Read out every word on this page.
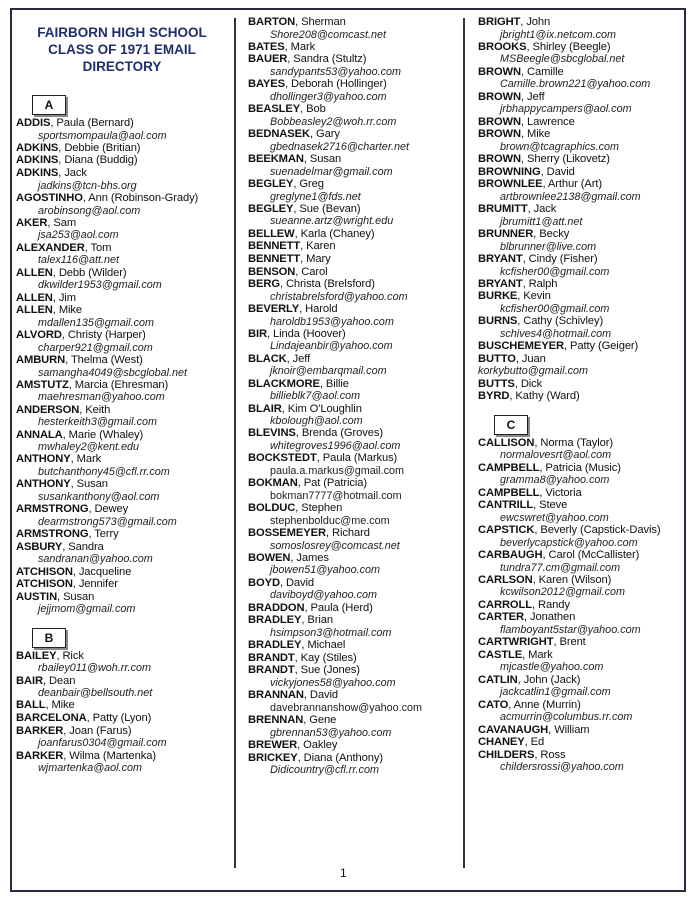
FAIRBORN HIGH SCHOOL
CLASS OF 1971 EMAIL
DIRECTORY
A
ADDIS, Paula (Bernard)
sportsmompaula@aol.com
ADKINS, Debbie (Britian)
ADKINS, Diana (Buddig)
ADKINS, Jack
jadkins@tcn-bhs.org
AGOSTINHO, Ann (Robinson-Grady)
arobinsong@aol.com
AKER, Sam
jsa253@aol.com
ALEXANDER, Tom
talex116@att.net
ALLEN, Debb (Wilder)
dkwilder1953@gmail.com
ALLEN, Jim
ALLEN, Mike
mdallen135@gmail.com
ALVORD, Christy (Harper)
charper921@gmail.com
AMBURN, Thelma (West)
samangha4049@sbcglobal.net
AMSTUTZ, Marcia (Ehresman)
maehresman@yahoo.com
ANDERSON, Keith
hesterkeith3@gmail.com
ANNALA, Marie (Whaley)
mwhaley2@kent.edu
ANTHONY, Mark
butchanthony45@cfl.rr.com
ANTHONY, Susan
susankanthony@aol.com
ARMSTRONG, Dewey
dearmstrong573@gmail.com
ARMSTRONG, Terry
ASBURY, Sandra
sandranan@yahoo.com
ATCHISON, Jacqueline
ATCHISON, Jennifer
AUSTIN, Susan
jejjmom@gmail.com
B
BAILEY, Rick
rbailey011@woh.rr.com
BAIR, Dean
deanbair@bellsouth.net
BALL, Mike
BARCELONA, Patty (Lyon)
BARKER, Joan (Farus)
joanfarus0304@gmail.com
BARKER, Wilma (Martenka)
wjmartenka@aol.com
BARTON, Sherman
Shore208@comcast.net
BATES, Mark
BAUER, Sandra (Stultz)
sandypants53@yahoo.com
BAYES, Deborah (Hollinger)
dhollinger3@yahoo.com
BEASLEY, Bob
Bobbeasley2@woh.rr.com
BEDNASEK, Gary
gbednasek2716@charter.net
BEEKMAN, Susan
suenadelmar@gmail.com
BEGLEY, Greg
greglyne1@fds.net
BEGLEY, Sue (Bevan)
sueanne.artz@wright.edu
BELLEW, Karla (Chaney)
BENNETT, Karen
BENNETT, Mary
BENSON, Carol
BERG, Christa (Brelsford)
christabrelsford@yahoo.com
BEVERLY, Harold
haroldb1953@yahoo.com
BIR, Linda (Hoover)
Lindajeanbir@yahoo.com
BLACK, Jeff
jknoir@embarqmail.com
BLACKMORE, Billie
billieblk7@aol.com
BLAIR, Kim O'Loughlin
kbolough@aol.com
BLEVINS, Brenda (Groves)
whitegroves1996@aol.com
BOCKSTEDT, Paula (Markus)
paula.a.markus@gmail.com
BOKMAN, Pat (Patricia)
bokman7777@hotmail.com
BOLDUC, Stephen
stephenbolduc@me.com
BOSSEMEYER, Richard
somoslosrey@comcast.net
BOWEN, James
jbowen51@yahoo.com
BOYD, David
daviboyd@yahoo.com
BRADDON, Paula (Herd)
BRADLEY, Brian
hsimpson3@hotmail.com
BRADLEY, Michael
BRANDT, Kay (Stiles)
BRANDT, Sue (Jones)
vickyjones58@yahoo.com
BRANNAN, David
davebrannanshow@yahoo.com
BRENNAN, Gene
gbrennan53@yahoo.com
BREWER, Oakley
BRICKEY, Diana (Anthony)
Didicountry@cfl.rr.com
BRIGHT, John
jbright1@ix.netcom.com
BROOKS, Shirley (Beegle)
MSBeegle@sbcglobal.net
BROWN, Camille
Camille.brown221@yahoo.com
BROWN, Jeff
jrbhappycampers@aol.com
BROWN, Lawrence
BROWN, Mike
brown@tcagraphics.com
BROWN, Sherry (Likovetz)
BROWNING, David
BROWNLEE, Arthur (Art)
artbrownlee2138@gmail.com
BRUMITT, Jack
jbrumitt1@att.net
BRUNNER, Becky
blbrunner@live.com
BRYANT, Cindy (Fisher)
kcfisher00@gmail.com
BRYANT, Ralph
BURKE, Kevin
kcfisher00@gmail.com
BURNS, Cathy (Schivley)
schives4@hotmail.com
BUSCHEMEYER, Patty (Geiger)
BUTTO, Juan
korkybutto@gmail.com
BUTTS, Dick
BYRD, Kathy (Ward)
C
CALLISON, Norma (Taylor)
normalovesrt@aol.com
CAMPBELL, Patricia (Music)
gramma8@yahoo.com
CAMPBELL, Victoria
CANTRILL, Steve
ewcswret@yahoo.com
CAPSTICK, Beverly (Capstick-Davis)
beverlycapstick@yahoo.com
CARBAUGH, Carol (McCallister)
tundra77.cm@gmail.com
CARLSON, Karen (Wilson)
kcwilson2012@gmail.com
CARROLL, Randy
CARTER, Jonathen
flamboyant5star@yahoo.com
CARTWRIGHT, Brent
CASTLE, Mark
mjcastle@yahoo.com
CATLIN, John (Jack)
jackcatlin1@gmail.com
CATO, Anne (Murrin)
acmurrin@columbus.rr.com
CAVANAUGH, William
CHANEY, Ed
CHILDERS, Ross
childersrossi@yahoo.com
1
